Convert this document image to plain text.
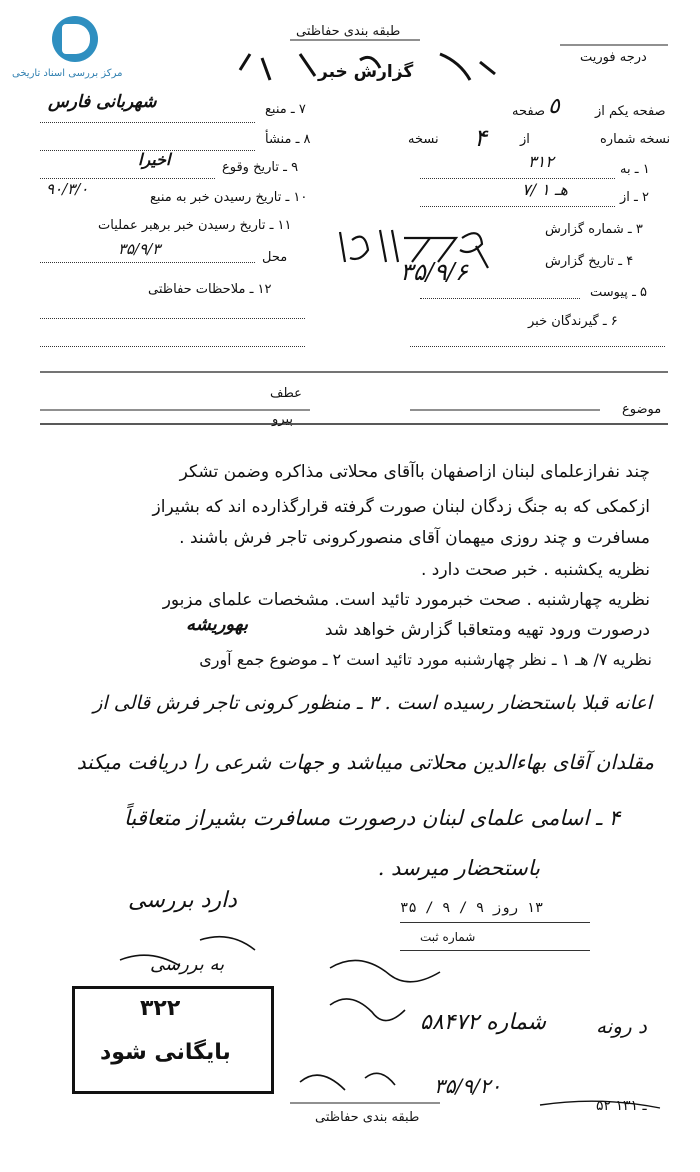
مرکز بررسی اسناد تاریخی
طبقه بندی حفاظتی
گزارش خبر
درجه فوریت
صفحه یکم از
صفحه ٥
نسخه شماره
از
نسخه ۴
۷ ـ منبع
شهربانی فارس
۸ ـ منشأ
۹ ـ تاریخ وقوع
اخیرا
۱۰ ـ تاریخ رسیدن خبر به منبع
۹۰/۳/۰
۱۱ ـ تاریخ رسیدن خبر برهبر عملیات
محل
۳۵/۹/۳
۱۲ ـ ملاحظات حفاظتی
۱ ـ به
۳۱۲
۲ ـ از
۷/ هـ ۱
۳ ـ شماره گزارش
۴ ـ تاریخ گزارش
۳۵/۹/۶
۵ ـ پیوست
۶ ـ گیرندگان خبر
عطف
پیرو
موضوع
چند نفرازعلمای لبنان ازاصفهان باآقای محلاتی مذاکره وضمن تشکر
ازکمکی که به جنگ زدگان لبنان صورت گرفته قرارگذارده اند که بشیراز
مسافرت و چند روزی میهمان آقای منصورکرونی تاجر فرش باشند .
نظریه یکشنبه . خبر صحت دارد .
نظریه چهارشنبه . صحت خبرمورد تائید است. مشخصات علمای مزبور
درصورت ورود تهیه ومتعاقبا گزارش خواهد شد
بهوریشه
نظریه ۷/ هـ ۱ ـ نظر چهارشنبه مورد تائید است ۲ ـ موضوع جمع آوری
اعانه قبلا باستحضار رسیده است . ۳ ـ منظور کرونی تاجر فرش قالی از
مقلدان آقای بهاءالدین محلاتی میباشد و جهات شرعی را دریافت میکند
۴ ـ اسامی علمای لبنان درصورت مسافرت بشیراز متعاقباً
باستحضار میرسد .
دارد بررسی	۱۳ روز ۹ / ۹ / ۳۵
شماره ثبت
به بررسی
۳۲۲
بایگانی شود
شماره ۵۸۴۷۲ د رونه
۳۵/۹/۲۰
طبقه بندی حفاظتی
۵۲ ـ ۱۳۱
